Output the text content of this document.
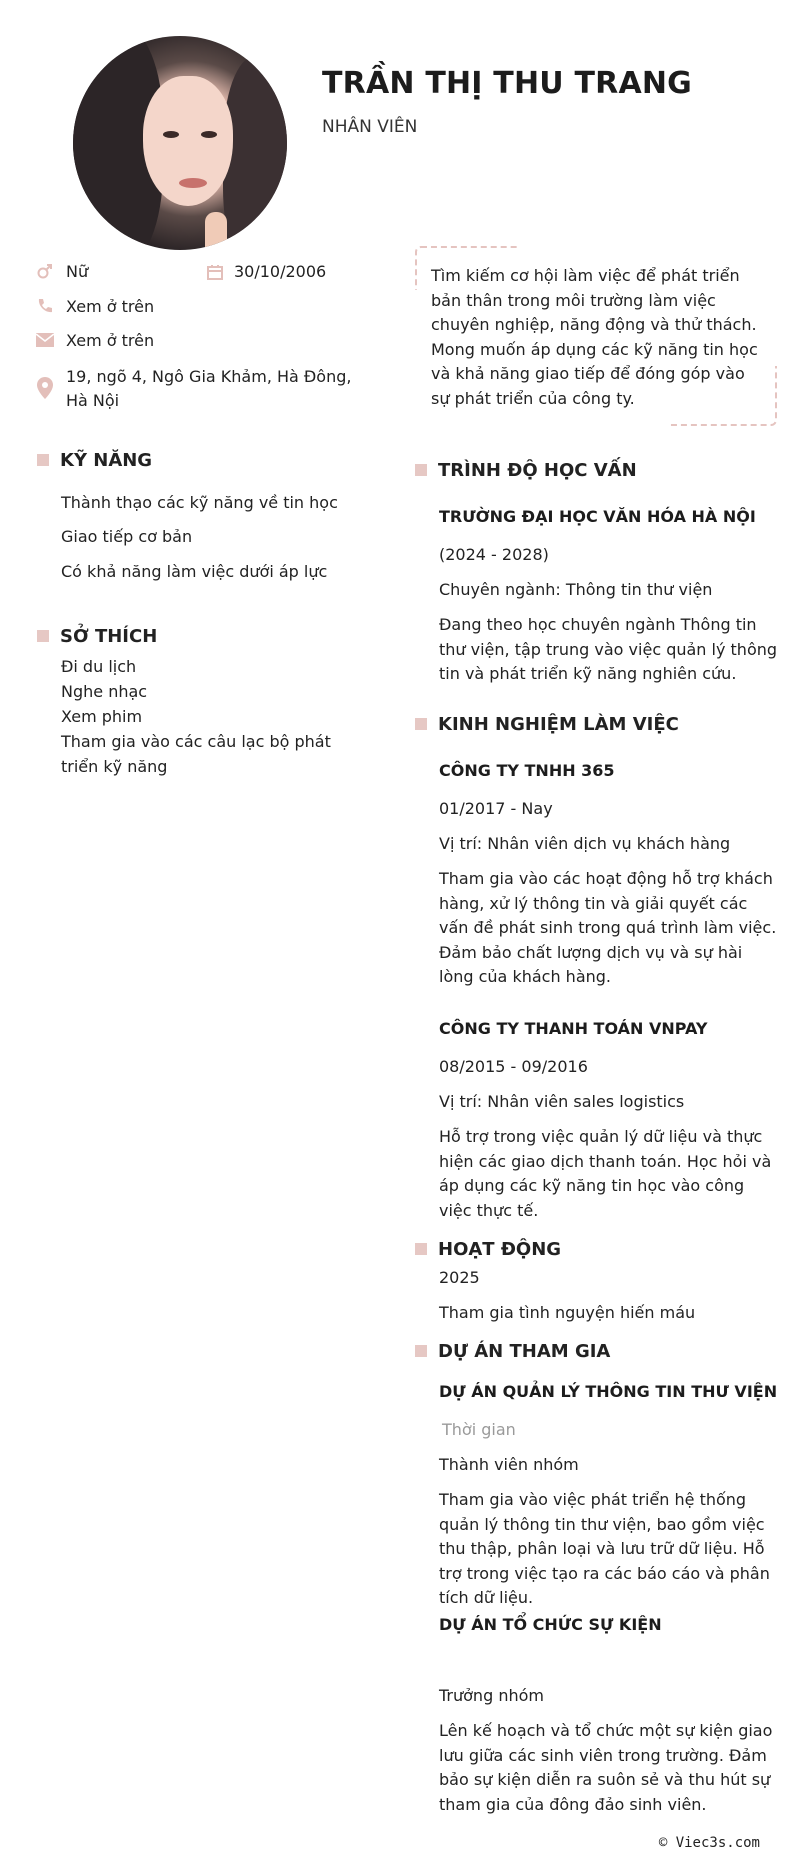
TRẦN THỊ THU TRANG
NHÂN VIÊN
Nữ	30/10/2006
Xem ở trên
Xem ở trên
19, ngõ 4, Ngô Gia Khảm, Hà Đông, Hà Nội
Tìm kiếm cơ hội làm việc để phát triển bản thân trong môi trường làm việc chuyên nghiệp, năng động và thử thách. Mong muốn áp dụng các kỹ năng tin học và khả năng giao tiếp để đóng góp vào sự phát triển của công ty.
KỸ NĂNG
Thành thạo các kỹ năng về tin học
Giao tiếp cơ bản
Có khả năng làm việc dưới áp lực
SỞ THÍCH
Đi du lịch
Nghe nhạc
Xem phim
Tham gia vào các câu lạc bộ phát triển kỹ năng
TRÌNH ĐỘ HỌC VẤN
TRƯỜNG ĐẠI HỌC VĂN HÓA HÀ NỘI
(2024 - 2028)
Chuyên ngành: Thông tin thư viện
Đang theo học chuyên ngành Thông tin thư viện, tập trung vào việc quản lý thông tin và phát triển kỹ năng nghiên cứu.
KINH NGHIỆM LÀM VIỆC
CÔNG TY TNHH 365
01/2017 - Nay
Vị trí: Nhân viên dịch vụ khách hàng
Tham gia vào các hoạt động hỗ trợ khách hàng, xử lý thông tin và giải quyết các vấn đề phát sinh trong quá trình làm việc. Đảm bảo chất lượng dịch vụ và sự hài lòng của khách hàng.
CÔNG TY THANH TOÁN VNPAY
08/2015 - 09/2016
Vị trí: Nhân viên sales logistics
Hỗ trợ trong việc quản lý dữ liệu và thực hiện các giao dịch thanh toán. Học hỏi và áp dụng các kỹ năng tin học vào công việc thực tế.
HOẠT ĐỘNG
2025
Tham gia tình nguyện hiến máu
DỰ ÁN THAM GIA
DỰ ÁN QUẢN LÝ THÔNG TIN THƯ VIỆN
Thời gian
Thành viên nhóm
Tham gia vào việc phát triển hệ thống quản lý thông tin thư viện, bao gồm việc thu thập, phân loại và lưu trữ dữ liệu. Hỗ trợ trong việc tạo ra các báo cáo và phân tích dữ liệu.
DỰ ÁN TỔ CHỨC SỰ KIỆN
Trưởng nhóm
Lên kế hoạch và tổ chức một sự kiện giao lưu giữa các sinh viên trong trường. Đảm bảo sự kiện diễn ra suôn sẻ và thu hút sự tham gia của đông đảo sinh viên.
© Viec3s.com
